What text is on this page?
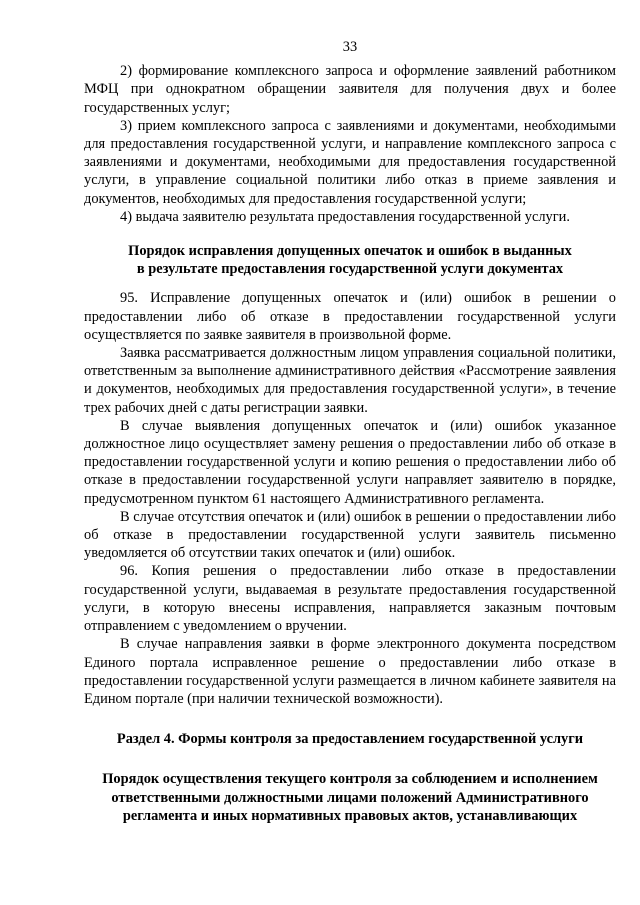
33

2) формирование комплексного запроса и оформление заявлений работником МФЦ при однократном обращении заявителя для получения двух и более государственных услуг;

3) прием комплексного запроса с заявлениями и документами, необходимыми для предоставления государственной услуги, и направление комплексного запроса с заявлениями и документами, необходимыми для предоставления государственной услуги, в управление социальной политики либо отказ в приеме заявления и документов, необходимых для предоставления государственной услуги;

4) выдача заявителю результата предоставления государственной услуги.

Порядок исправления допущенных опечаток и ошибок в выданных
в результате предоставления государственной услуги документах

95. Исправление допущенных опечаток и (или) ошибок в решении о предоставлении либо об отказе в предоставлении государственной услуги осуществляется по заявке заявителя в произвольной форме.

Заявка рассматривается должностным лицом управления социальной политики, ответственным за выполнение административного действия «Рассмотрение заявления и документов, необходимых для предоставления государственной услуги», в течение трех рабочих дней с даты регистрации заявки.

В случае выявления допущенных опечаток и (или) ошибок указанное должностное лицо осуществляет замену решения о предоставлении либо об отказе в предоставлении государственной услуги и копию решения о предоставлении либо об отказе в предоставлении государственной услуги направляет заявителю в порядке, предусмотренном пунктом 61 настоящего Административного регламента.

В случае отсутствия опечаток и (или) ошибок в решении о предоставлении либо об отказе в предоставлении государственной услуги заявитель письменно уведомляется об отсутствии таких опечаток и (или) ошибок.

96. Копия решения о предоставлении либо отказе в предоставлении государственной услуги, выдаваемая в результате предоставления государственной услуги, в которую внесены исправления, направляется заказным почтовым отправлением с уведомлением о вручении.

В случае направления заявки в форме электронного документа посредством Единого портала исправленное решение о предоставлении либо отказе в предоставлении государственной услуги размещается в личном кабинете заявителя на Едином портале (при наличии технической возможности).

Раздел 4. Формы контроля за предоставлением государственной услуги
Порядок осуществления текущего контроля за соблюдением и исполнением
ответственными должностными лицами положений Административного
регламента и иных нормативных правовых актов, устанавливающих
